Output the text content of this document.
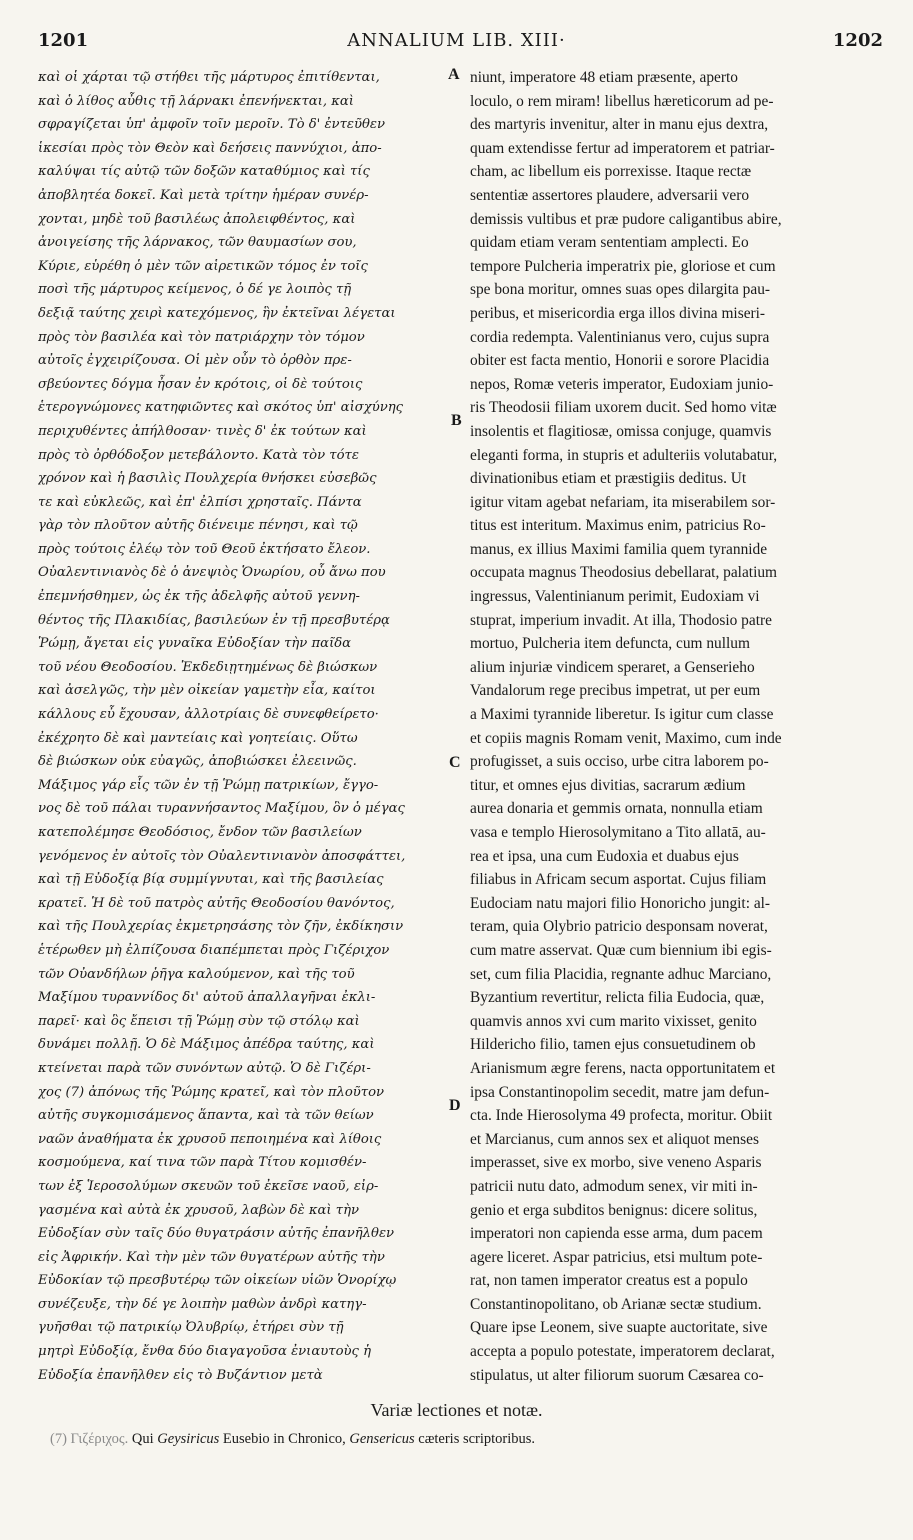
1201	ANNALIUM LIB. XIII·	1202
καὶ οἱ χάρται τῷ στήθει τῆς μάρτυρος ἐπιτίθενται,
καὶ ὁ λίθος αὖθις τῇ λάρνακι ἐπενήνεκται, καὶ
σφραγίζεται ὑπ' ἀμφοῖν τοῖν μεροῖν. Τὸ δ' ἐντεῦθεν
ἱκεσίαι πρὸς τὸν Θεὸν καὶ δεήσεις παννύχιοι, ἀπο-
καλύψαι τίς αὐτῷ τῶν δοξῶν καταθύμιος καὶ τίς
ἀποβλητέα δοκεῖ. Καὶ μετὰ τρίτην ἡμέραν συνέρ-
χονται, μηδὲ τοῦ βασιλέως ἀπολειφθέντος, καὶ
ἀνοιγείσης τῆς λάρνακος, τῶν θαυμασίων σου,
Κύριε, εὑρέθη ὁ μὲν τῶν αἱρετικῶν τόμος ἐν τοῖς
ποσὶ τῆς μάρτυρος κείμενος, ὁ δέ γε λοιπὸς τῇ
δεξιᾷ ταύτης χειρὶ κατεχόμενος, ἣν ἐκτεῖναι λέγεται
πρὸς τὸν βασιλέα καὶ τὸν πατριάρχην τὸν τόμον
αὐτοῖς ἐγχειρίζουσα. Οἱ μὲν οὖν τὸ ὀρθὸν πρε-
σβεύοντες δόγμα ἦσαν ἐν κρότοις, οἱ δὲ τούτοις
ἑτερογνώμονες κατηφιῶντες καὶ σκότος ὑπ' αἰσχύνης
περιχυθέντες ἀπήλθοσαν· τινὲς δ' ἐκ τούτων καὶ
πρὸς τὸ ὀρθόδοξον μετεβάλοντο. Κατὰ τὸν τότε
χρόνον καὶ ἡ βασιλὶς Πουλχερία θνήσκει εὐσεβῶς
τε καὶ εὐκλεῶς, καὶ ἐπ' ἐλπίσι χρησταῖς. Πάντα
γὰρ τὸν πλοῦτον αὐτῆς διένειμε πένησι, καὶ τῷ
πρὸς τούτοις ἐλέῳ τὸν τοῦ Θεοῦ ἐκτήσατο ἔλεον.
Οὐαλεντινιανὸς δὲ ὁ ἀνεψιὸς Ὁνωρίου, οὗ ἄνω που
ἐπεμνήσθημεν, ὡς ἐκ τῆς ἀδελφῆς αὐτοῦ γεννη-
θέντος τῆς Πλακιδίας, βασιλεύων ἐν τῇ πρεσβυτέρᾳ
Ῥώμῃ, ἄγεται εἰς γυναῖκα Εὐδοξίαν τὴν παῖδα
τοῦ νέου Θεοδοσίου. Ἐκδεδιῃτημένως δὲ βιώσκων
καὶ ἀσελγῶς, τὴν μὲν οἰκείαν γαμετὴν εἶα, καίτοι
κάλλους εὖ ἔχουσαν, ἀλλοτρίαις δὲ συνεφθείρετο·
ἐκέχρητο δὲ καὶ μαντείαις καὶ γοητείαις. Οὕτω
δὲ βιώσκων οὐκ εὐαγῶς, ἀποβιώσκει ἐλεεινῶς.
Μάξιμος γάρ εἷς τῶν ἐν τῇ Ῥώμῃ πατρικίων, ἔγγο-
νος δὲ τοῦ πάλαι τυραννήσαντος Μαξίμου, ὃν ὁ μέγας
κατεπολέμησε Θεοδόσιος, ἔνδον τῶν βασιλείων
γενόμενος ἐν αὐτοῖς τὸν Οὐαλεντινιανὸν ἀποσφάττει,
καὶ τῇ Εὐδοξίᾳ βίᾳ συμμίγνυται, καὶ τῆς βασιλείας
κρατεῖ. Ἡ δὲ τοῦ πατρὸς αὐτῆς Θεοδοσίου θανόντος,
καὶ τῆς Πουλχερίας ἐκμετρησάσης τὸν ζῆν, ἐκδίκησιν
ἑτέρωθεν μὴ ἐλπίζουσα διαπέμπεται πρὸς Γιζέριχον
τῶν Οὐανδήλων ῥῆγα καλούμενον, καὶ τῆς τοῦ
Μαξίμου τυραννίδος δι' αὐτοῦ ἀπαλλαγῆναι ἐκλι-
παρεῖ· καὶ ὃς ἔπεισι τῇ Ῥώμῃ σὺν τῷ στόλῳ καὶ
δυνάμει πολλῇ. Ὁ δὲ Μάξιμος ἀπέδρα ταύτης, καὶ
κτείνεται παρὰ τῶν συνόντων αὐτῷ. Ὁ δὲ Γιζέρι-
χος (7) ἀπόνως τῆς Ῥώμης κρατεῖ, καὶ τὸν πλοῦτον
αὐτῆς συγκομισάμενος ἅπαντα, καὶ τὰ τῶν θείων
ναῶν ἀναθήματα ἐκ χρυσοῦ πεποιημένα καὶ λίθοις
κοσμούμενα, καί τινα τῶν παρὰ Τίτου κομισθέν-
των ἐξ Ἱεροσολύμων σκευῶν τοῦ ἐκεῖσε ναοῦ, εἰρ-
γασμένα καὶ αὐτὰ ἐκ χρυσοῦ, λαβὼν δὲ καὶ τὴν
Εὐδοξίαν σὺν ταῖς δύο θυγατράσιν αὐτῆς ἐπανῆλθεν
εἰς Ἀφρικήν. Καὶ τὴν μὲν τῶν θυγατέρων αὐτῆς τὴν
Εὐδοκίαν τῷ πρεσβυτέρῳ τῶν οἰκείων υἱῶν Ὁνορίχῳ
συνέζευξε, τὴν δέ γε λοιπὴν μαθὼν ἀνδρὶ κατηγ-
γυῆσθαι τῷ πατρικίῳ Ὀλυβρίῳ, ἐτήρει σὺν τῇ
μητρὶ Εὐδοξίᾳ, ἔνθα δύο διαγαγοῦσα ἐνιαυτοὺς ἡ
Εὐδοξία ἐπανῆλθεν εἰς τὸ Βυζάντιον μετὰ
niunt, imperatore 48 etiam præsente, aperto
loculo, o rem miram! libellus hæreticorum ad pe-
des martyris invenitur, alter in manu ejus dextra,
quam extendisse fertur ad imperatorem et patriar-
cham, ac libellum eis porrexisse. Itaque rectæ
sententiæ assertores plaudere, adversarii vero
demissis vultibus et præ pudore caligantibus abire,
quidam etiam veram sententiam amplecti. Eo
tempore Pulcheria imperatrix pie, gloriose et cum
spe bona moritur, omnes suas opes dilargita pau-
peribus, et misericordia erga illos divina miseri-
cordia redempta. Valentinianus vero, cujus supra
obiter est facta mentio, Honorii e sorore Placidia
nepos, Romæ veteris imperator, Eudoxiam junio-
ris Theodosii filiam uxorem ducit. Sed homo vitæ
insolentis et flagitiosæ, omissa conjuge, quamvis
eleganti forma, in stupris et adulteriis volutabatur,
divinationibus etiam et præstigiis deditus. Ut
igitur vitam agebat nefariam, ita miserabilem sor-
titus est interitum. Maximus enim, patricius Ro-
manus, ex illius Maximi familia quem tyrannide
occupata magnus Theodosius debellarat, palatium
ingressus, Valentinianum perimit, Eudoxiam vi
stuprat, imperium invadit. At illa, Thodosio patre
mortuo, Pulcheria item defuncta, cum nullum
alium injuriæ vindicem speraret, a Genserieho
Vandalorum rege precibus impetrat, ut per eum
a Maximi tyrannide liberetur. Is igitur cum classe
et copiis magnis Romam venit, Maximo, cum inde
profugisset, a suis occiso, urbe citra laborem po-
titur, et omnes ejus divitias, sacrarum ædium
aurea donaria et gemmis ornata, nonnulla etiam
vasa e templo Hierosolymitano a Tito allatā, au-
rea et ipsa, una cum Eudoxia et duabus ejus
filiabus in Africam secum asportat. Cujus filiam
Eudociam natu majori filio Honoricho jungit: al-
teram, quia Olybrio patricio desponsam noverat,
cum matre asservat. Quæ cum biennium ibi egis-
set, cum filia Placidia, regnante adhuc Marciano,
Byzantium revertitur, relicta filia Eudocia, quæ,
quamvis annos xvi cum marito vixisset, genito
Hildericho filio, tamen ejus consuetudinem ob
Arianismum ægre ferens, nacta opportunitatem et
ipsa Constantinopolim secedit, matre jam defun-
cta. Inde Hierosolyma 49 profecta, moritur. Obiit
et Marcianus, cum annos sex et aliquot menses
imperasset, sive ex morbo, sive veneno Asparis
patricii nutu dato, admodum senex, vir miti in-
genio et erga subditos benignus: dicere solitus,
imperatori non capienda esse arma, dum pacem
agere liceret. Aspar patricius, etsi multum pote-
rat, non tamen imperator creatus est a populo
Constantinopolitano, ob Arianæ sectæ studium.
Quare ipse Leonem, sive suapte auctoritate, sive
accepta a populo potestate, imperatorem declarat,
stipulatus, ut alter filiorum suorum Cæsarea co-
A
B
C
D
Variæ lectiones et notæ.
(7) Γιζέριχος. Qui Geysiricus Eusebio in Chronico, Gensericus cæteris scriptoribus.
